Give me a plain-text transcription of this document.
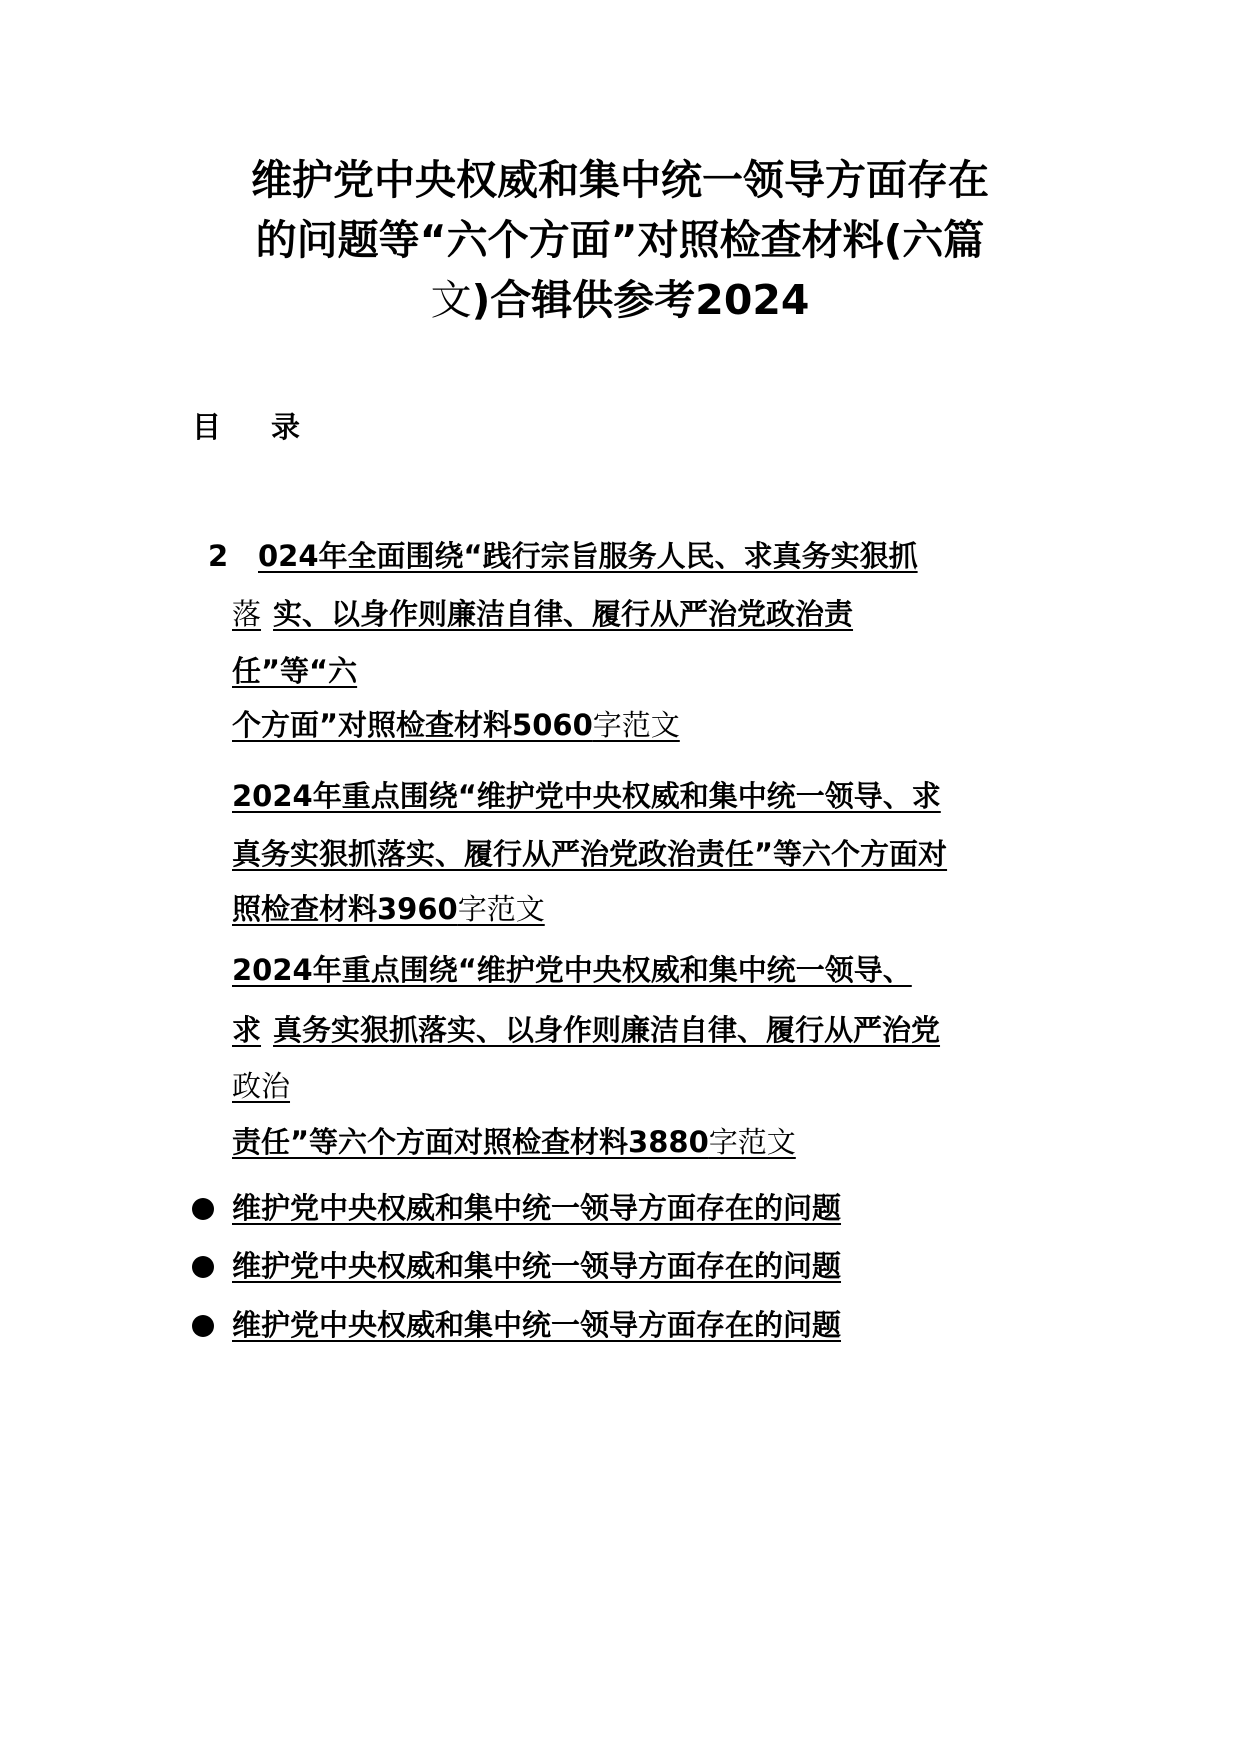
维护党中央权威和集中统一领导方面存在
的问题等“六个方面”对照检查材料(六篇
文)合辑供参考2024
目 录
2 024年全面围绕“践行宗旨服务人民、求真务实狠抓
落 实、以身作则廉洁自律、履行从严治党政治责
任”等“六
个方面”对照检查材料5060字范文
2024年重点围绕“维护党中央权威和集中统一领导、求
真务实狠抓落实、履行从严治党政治责任”等六个方面对
照检查材料3960字范文
2024年重点围绕“维护党中央权威和集中统一领导、
求 真务实狠抓落实、以身作则廉洁自律、履行从严治党
政治
责任”等六个方面对照检查材料3880字范文
维护党中央权威和集中统一领导方面存在的问题
维护党中央权威和集中统一领导方面存在的问题
维护党中央权威和集中统一领导方面存在的问题
